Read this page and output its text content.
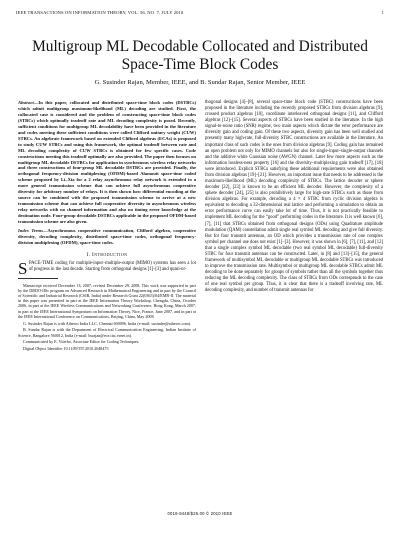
IEEE TRANSACTIONS ON INFORMATION THEORY, VOL. 56, NO. 7, JULY 2010	1
Multigroup ML Decodable Collocated and Distributed Space-Time Block Codes
G. Susinder Rajan, Member, IEEE, and B. Sundar Rajan, Senior Member, IEEE

Abstract—In this paper, collocated and distributed space-time block codes (DSTBCs) which admit multigroup maximum-likelihood (ML) decoding are studied. First, the collocated case is considered and the problem of constructing space-time block codes (STBCs) which optimally tradeoff rate and ML decoding complexity is posed. Recently, sufficient conditions for multigroup ML decodability have been provided in the literature and codes meeting these sufficient conditions were called Clifford unitary weight (CUW) STBCs. An algebraic framework based on extended Clifford algebras (ECAs) is proposed to study CUW STBCs and using this framework, the optimal tradeoff between rate and ML decoding complexity of CUW STBCs is obtained for few specific cases. Code constructions meeting this tradeoff optimally are also provided. The paper then focuses on multigroup ML decodable DSTBCs for application in synchronous wireless relay networks and three constructions of four-group ML decodable DSTBCs are provided. Finally, the orthogonal frequency-division multiplexing (OFDM)-based Alamouti space-time coded scheme proposed by Li–Xia for a 2 relay asynchronous relay network is extended to a more general transmission scheme that can achieve full asynchronous cooperative diversity for arbitrary number of relays. It is then shown how differential encoding at the source can be combined with the proposed transmission scheme to arrive at a new transmission scheme that can achieve full cooperative diversity in asynchronous wireless relay networks with no channel information and also no timing error knowledge at the destination node. Four-group decodable DSTBCs applicable in the proposed OFDM-based transmission scheme are also given.

Index Terms—Asynchronous cooperative communication, Clifford algebra, cooperative diversity, decoding complexity, distributed space-time codes, orthogonal frequency-division multiplexing (OFDM), space-time codes.

I. Introduction

SPACE-TIME coding for multiple-input–multiple-output (MIMO) systems has seen a lot of progress in the last decade. Starting from orthogonal designs [1]–[3] and quasi-or-

Manuscript received December 13, 2007; revised December 29, 2008. This work was supported in part by the DRDO-IISc program on Advanced Research in Mathematical Engineering and in part by the Council of Scientific and Industrial Research (CSIR, India) under Research Grant 22(0365)/04/EMR-II. The material in this paper was presented in part at the IEEE Information Theory Workshop, Chengdu, China, October 2006, in part at the IEEE Wireless Communications and Networking Conference, Hong Kong, March 2007, in part at the IEEE International Symposium on Information Theory, Nice, France, June 2007, and in part at the IEEE International Conference on Communications, Beijing, China, May 2008.

G. Susinder Rajan is with Atheros India LLC, Chennai 600096, India (e-mail: susinder@atheros.com).

B. Sundar Rajan is with the Department of Electrical Communication Engineering, Indian Institute of Science, Bangalore 560012, India (e-mail: bsrajan@ece.iisc.ernet.in).

Communicated by E. Viterbo, Associate Editor for Coding Techniques.

Digital Object Identifier 10.1109/TIT.2010.2048475

thogonal designs [4]–[8], several space-time block code (STBC) constructions have been proposed in the literature including the recently proposed STBCs from division algebras [9], crossed product algebras [10], coordinate interleaved orthogonal designs [11], and Clifford algebras [12]–[15]. Several aspects of STBCs have been studied in the literature. In the high signal-to-noise ratio (SNR) regime, two main aspects which dictate the error performance are diversity gain and coding gain. Of these two aspects, diversity gain has been well studied and presently many high-rate, full-diversity STBC constructions are available in the literature. An important class of such codes is the ones from division algebras [9]. Coding gain has remained an open problem not only for MIMO channels but also for single-input–single-output channels and the additive white Gaussian noise (AWGN) channel. Later few more aspects such as the information lossless-ness property [16] and the diversity–multiplexing gain tradeoff [17], [18] were introduced. Explicit STBCs satisfying these additional requirements were also obtained from division algebras [19]–[21]. However, an important issue that needs to be addressed is the maximum-likelihood (ML) decoding complexity of STBCs. The lattice decoder or sphere decoder [22], [23] is known to be an efficient ML decoder. However, the complexity of a sphere decoder [24], [25] is also prohibitively large for high-rate STBCs such as those from division algebras. For example, decoding a 4 × 4 STBC from cyclic division algebra is equivalent to decoding a 32-dimensional real lattice and performing a simulation to obtain an error performance curve can easily take lot of time. Thus, it is not practically feasible to implement ML decoding for the “good” performing codes in the literature. It is well known [6], [7], [11] that STBCs obtained from orthogonal designs (ODs) using Quadrature amplitude modulation (QAM) constellation admit single real symbol ML decoding and give full diversity. But for four transmit antennas, an OD which provides a transmission rate of one complex symbol per channel use does not exist [1]–[3]. However, it was shown in [6], [7], [11], and [12] that a single complex symbol ML decodable (two real symbol ML decodable) full-diversity STBC for four transmit antennas can be constructed. Later, in [8] and [13]–[15], the general framework of multisymbol ML decodable or multigroup ML decodable STBCs was introduced to improve the transmission rate. Multisymbol or multigroup ML decodable STBCs admit ML decoding to be done separately for groups of symbols rather than all the symbols together thus reducing the ML decoding complexity. The class of STBCs from ODs corresponds to the case of one real symbol per group. Thus, it is clear that there is a tradeoff involving rate, ML decoding complexity, and number of transmit antennas for

0018-9448/$26.00 © 2010 IEEE
